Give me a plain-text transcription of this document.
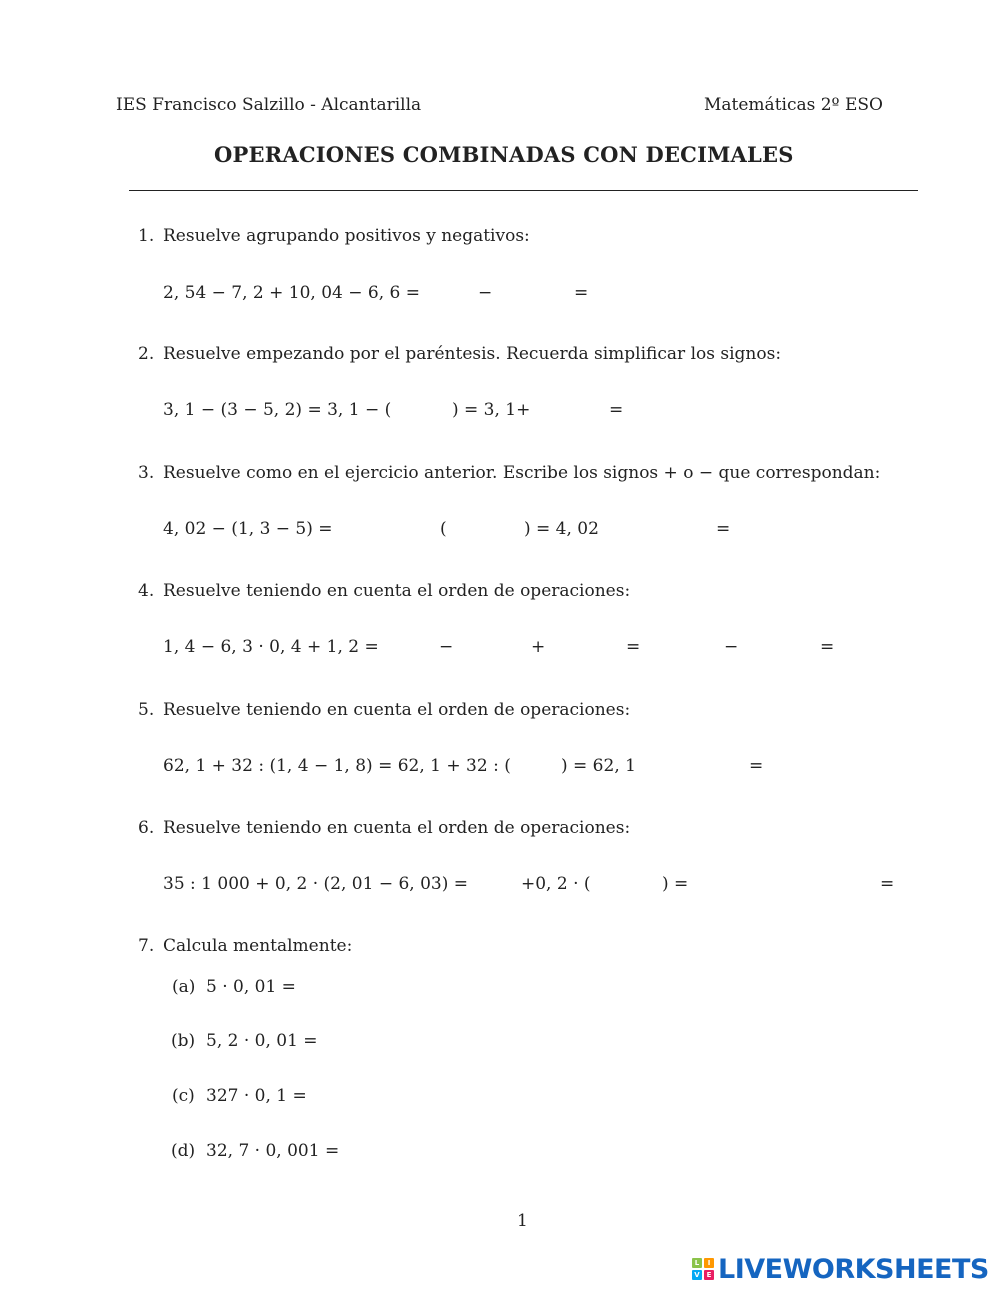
IES Francisco Salzillo - Alcantarilla	Matemáticas 2º ESO
OPERACIONES COMBINADAS CON DECIMALES
1. Resuelve agrupando positivos y negativos:
2, 54 − 7, 2 + 10, 04 − 6, 6 =	−	=
2. Resuelve empezando por el paréntesis. Recuerda simplificar los signos:
3, 1 − (3 − 5, 2) = 3, 1 − (	) = 3, 1+	=
3. Resuelve como en el ejercicio anterior. Escribe los signos + o − que correspondan:
4, 02 − (1, 3 − 5) =	(	) = 4, 02	=
4. Resuelve teniendo en cuenta el orden de operaciones:
1, 4 − 6, 3 · 0, 4 + 1, 2 =	−	+	=	−	=
5. Resuelve teniendo en cuenta el orden de operaciones:
62, 1 + 32 : (1, 4 − 1, 8) = 62, 1 + 32 : (	) = 62, 1	=
6. Resuelve teniendo en cuenta el orden de operaciones:
35 : 1 000 + 0, 2 · (2, 01 − 6, 03) =	+0, 2 · (	) =	=
7. Calcula mentalmente:
(a) 5 · 0, 01 =
(b) 5, 2 · 0, 01 =
(c) 327 · 0, 1 =
(d) 32, 7 · 0, 001 =
1
L	I
V E LIVEWORKSHEETS
